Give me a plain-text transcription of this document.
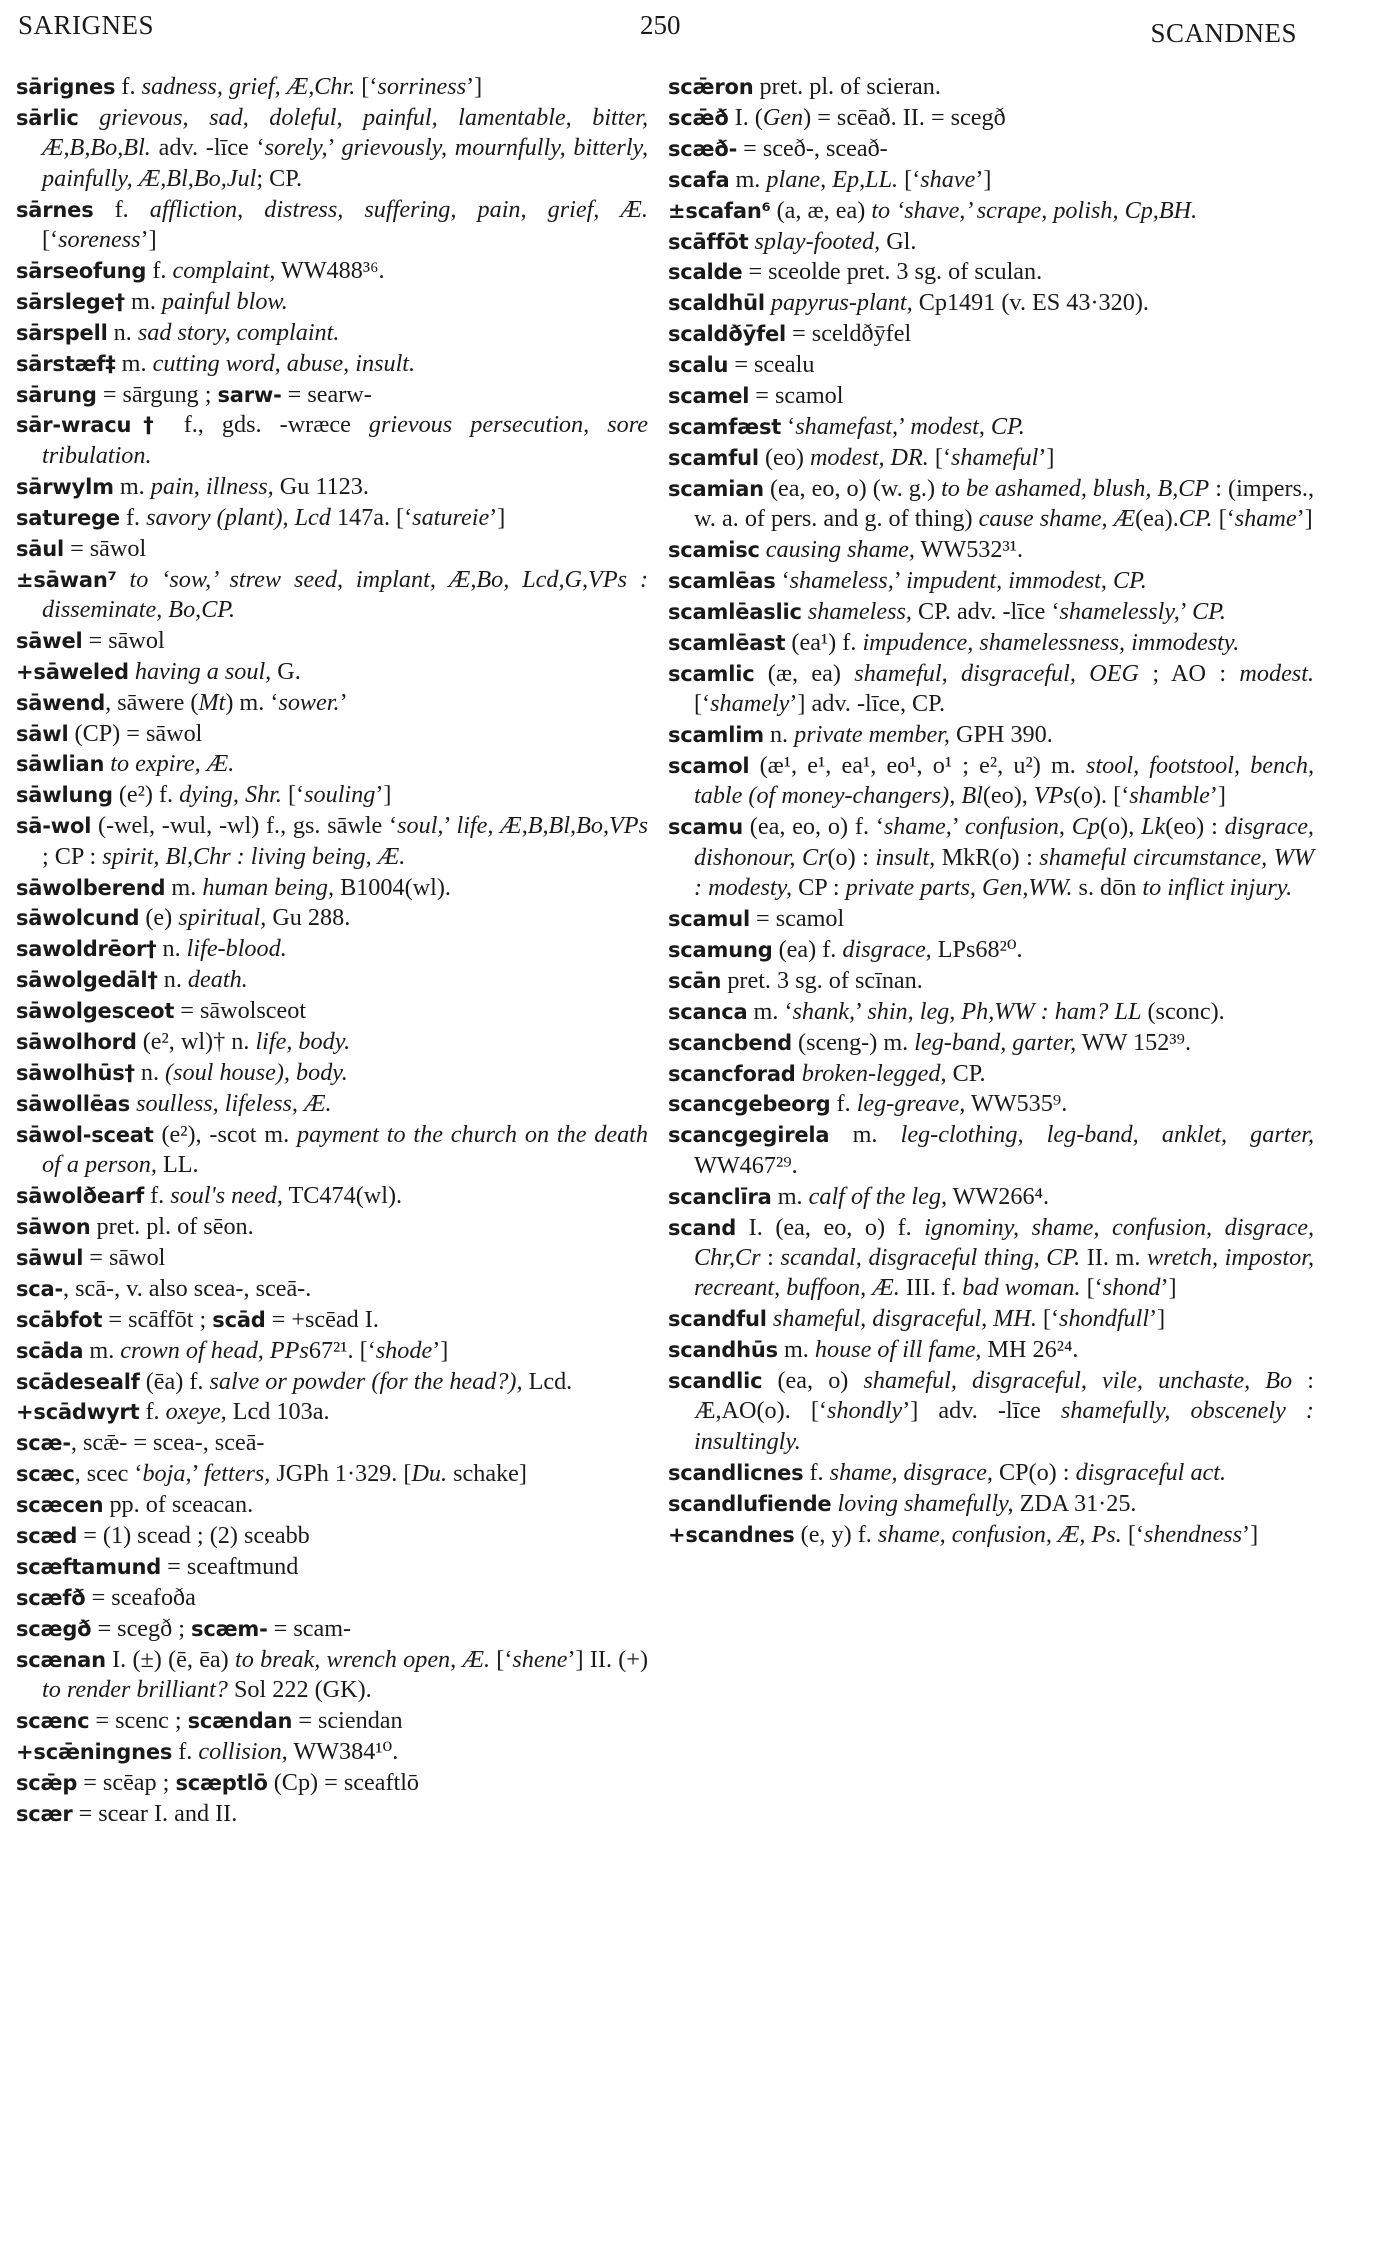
SARIGNES	250	SCANDNES

sārignes f. sadness, grief, Æ,Chr. [‘sorriness’]

sārlic grievous, sad, doleful, painful, lamentable, bitter, Æ,B,Bo,Bl. adv. -līce ‘sorely,’ grievously, mournfully, bitterly, painfully, Æ,Bl,Bo,Jul; CP.

sārnes f. affliction, distress, suffering, pain, grief, Æ. [‘soreness’]

sārseofung f. complaint, WW488³⁶.

sārslege† m. painful blow.

sārspell n. sad story, complaint.

sārstæf‡ m. cutting word, abuse, insult.

sārung = sārgung ; sarw- = searw-

sār-wracu† f., gds. -wræce grievous persecution, sore tribulation.

sārwylm m. pain, illness, Gu 1123.

saturege f. savory (plant), Lcd 147a. [‘satureie’]

sāul = sāwol

±sāwan⁷ to ‘sow,’ strew seed, implant, Æ,Bo, Lcd,G,VPs : disseminate, Bo,CP.

sāwel = sāwol

+sāweled having a soul, G.

sāwend, sāwere (Mt) m. ‘sower.’

sāwl (CP) = sāwol

sāwlian to expire, Æ.

sāwlung (e²) f. dying, Shr. [‘souling’]

sā-wol (-wel, -wul, -wl) f., gs. sāwle ‘soul,’ life, Æ,B,Bl,Bo,VPs ; CP : spirit, Bl,Chr : living being, Æ.

sāwolberend m. human being, B1004(wl).

sāwolcund (e) spiritual, Gu 288.

sawoldrēor† n. life-blood.

sāwolgedāl† n. death.

sāwolgesceot = sāwolsceot

sāwolhord (e², wl)† n. life, body.

sāwolhūs† n. (soul house), body.

sāwollēas soulless, lifeless, Æ.

sāwol-sceat (e²), -scot m. payment to the church on the death of a person, LL.

sāwolðearf f. soul's need, TC474(wl).

sāwon pret. pl. of sēon.

sāwul = sāwol

sca-, scā-, v. also scea-, sceā-.

scābfot = scāffōt ; scād = +scēad I.

scāda m. crown of head, PPs67²¹. [‘shode’]

scādesealf (ēa) f. salve or powder (for the head?), Lcd.

+scādwyrt f. oxeye, Lcd 103a.

scæ-, scǣ- = scea-, sceā-

scæc, scec ‘boja,’ fetters, JGPh 1·329. [Du. schake]

scæcen pp. of sceacan.

scæd = (1) scead ; (2) sceabb

scæftamund = sceaftmund

scæfð = sceafoða

scægð = scegð ; scæm- = scam-

scænan I. (±) (ē, ēa) to break, wrench open, Æ. [‘shene’] II. (+) to render brilliant? Sol 222 (GK).

scænc = scenc ; scændan = sciendan

+scǣningnes f. collision, WW384¹⁰.

scǣp = scēap ; scæptlō (Cp) = sceaftlō

scær = scear I. and II.

scǣron pret. pl. of scieran.

scǣð I. (Gen) = scēað. II. = scegð

scæð- = sceð-, sceað-

scafa m. plane, Ep,LL. [‘shave’]

±scafan⁶ (a, æ, ea) to ‘shave,’ scrape, polish, Cp,BH.

scāffōt splay-footed, Gl.

scalde = sceolde pret. 3 sg. of sculan.

scaldhūl papyrus-plant, Cp1491 (v. ES 43·320).

scaldðȳfel = sceldðȳfel

scalu = scealu

scamel = scamol

scamfæst ‘shamefast,’ modest, CP.

scamful (eo) modest, DR. [‘shameful’]

scamian (ea, eo, o) (w. g.) to be ashamed, blush, B,CP : (impers., w. a. of pers. and g. of thing) cause shame, Æ(ea).CP. [‘shame’]

scamisc causing shame, WW532³¹.

scamlēas ‘shameless,’ impudent, immodest, CP.

scamlēaslic shameless, CP. adv. -līce ‘shamelessly,’ CP.

scamlēast (ea¹) f. impudence, shamelessness, immodesty.

scamlic (æ, ea) shameful, disgraceful, OEG ; AO : modest. [‘shamely’] adv. -līce, CP.

scamlim n. private member, GPH 390.

scamol (æ¹, e¹, ea¹, eo¹, o¹ ; e², u²) m. stool, footstool, bench, table (of money-changers), Bl(eo), VPs(o). [‘shamble’]

scamu (ea, eo, o) f. ‘shame,’ confusion, Cp(o), Lk(eo) : disgrace, dishonour, Cr(o) : insult, MkR(o) : shameful circumstance, WW : modesty, CP : private parts, Gen,WW. s. dōn to inflict injury.

scamul = scamol

scamung (ea) f. disgrace, LPs68²⁰.

scān pret. 3 sg. of scīnan.

scanca m. ‘shank,’ shin, leg, Ph,WW : ham? LL (sconc).

scancbend (sceng-) m. leg-band, garter, WW 152³⁹.

scancforad broken-legged, CP.

scancgebeorg f. leg-greave, WW535⁹.

scancgegirela m. leg-clothing, leg-band, anklet, garter, WW467²⁹.

scanclīra m. calf of the leg, WW266⁴.

scand I. (ea, eo, o) f. ignominy, shame, confusion, disgrace, Chr,Cr : scandal, disgraceful thing, CP. II. m. wretch, impostor, recreant, buffoon, Æ. III. f. bad woman. [‘shond’]

scandful shameful, disgraceful, MH. [‘shondfull’]

scandhūs m. house of ill fame, MH 26²⁴.

scandlic (ea, o) shameful, disgraceful, vile, unchaste, Bo : Æ,AO(o). [‘shondly’] adv. -līce shamefully, obscenely : insultingly.

scandlicnes f. shame, disgrace, CP(o) : disgraceful act.

scandlufiende loving shamefully, ZDA 31·25.

+scandnes (e, y) f. shame, confusion, Æ, Ps. [‘shendness’]
